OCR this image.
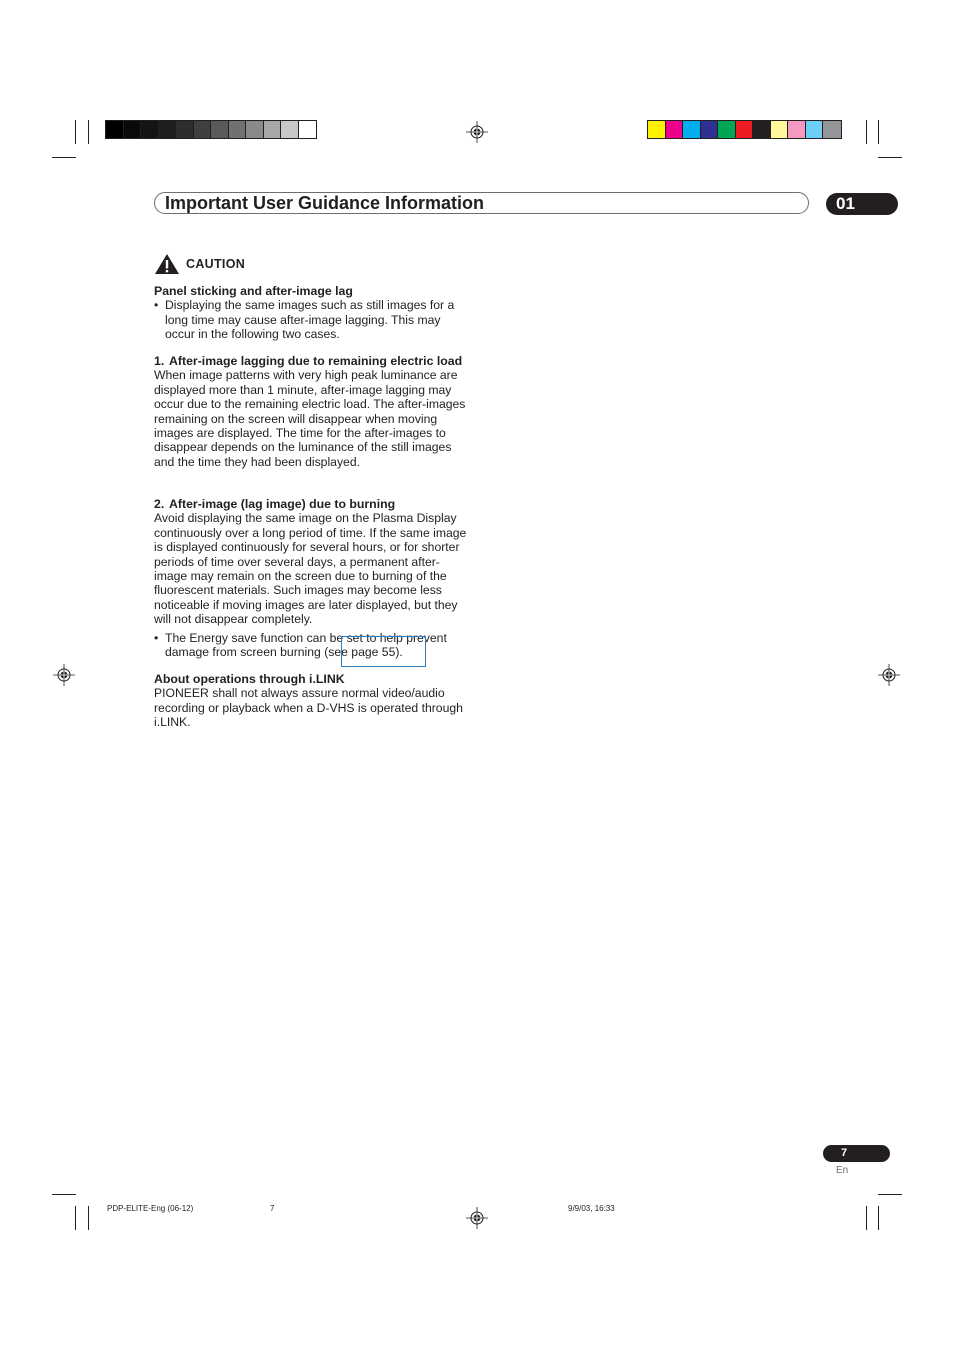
Important User Guidance Information	01
CAUTION
Panel sticking and after-image lag
• Displaying the same images such as still images for a long time may cause after-image lagging. This may occur in the following two cases.
1. After-image lagging due to remaining electric load
When image patterns with very high peak luminance are displayed more than 1 minute, after-image lagging may occur due to the remaining electric load. The after-images remaining on the screen will disappear when moving images are displayed. The time for the after-images to disappear depends on the luminance of the still images and the time they had been displayed.
2. After-image (lag image) due to burning
Avoid displaying the same image on the Plasma Display continuously over a long period of time. If the same image is displayed continuously for several hours, or for shorter periods of time over several days, a permanent after-image may remain on the screen due to burning of the fluorescent materials. Such images may become less noticeable if moving images are later displayed, but they will not disappear completely.
• The Energy save function can be set to help prevent damage from screen burning (see page 55).
About operations through i.LINK
PIONEER shall not always assure normal video/audio recording or playback when a D-VHS is operated through i.LINK.
7
En
PDP-ELITE-Eng (06-12)	7	9/9/03, 16:33
